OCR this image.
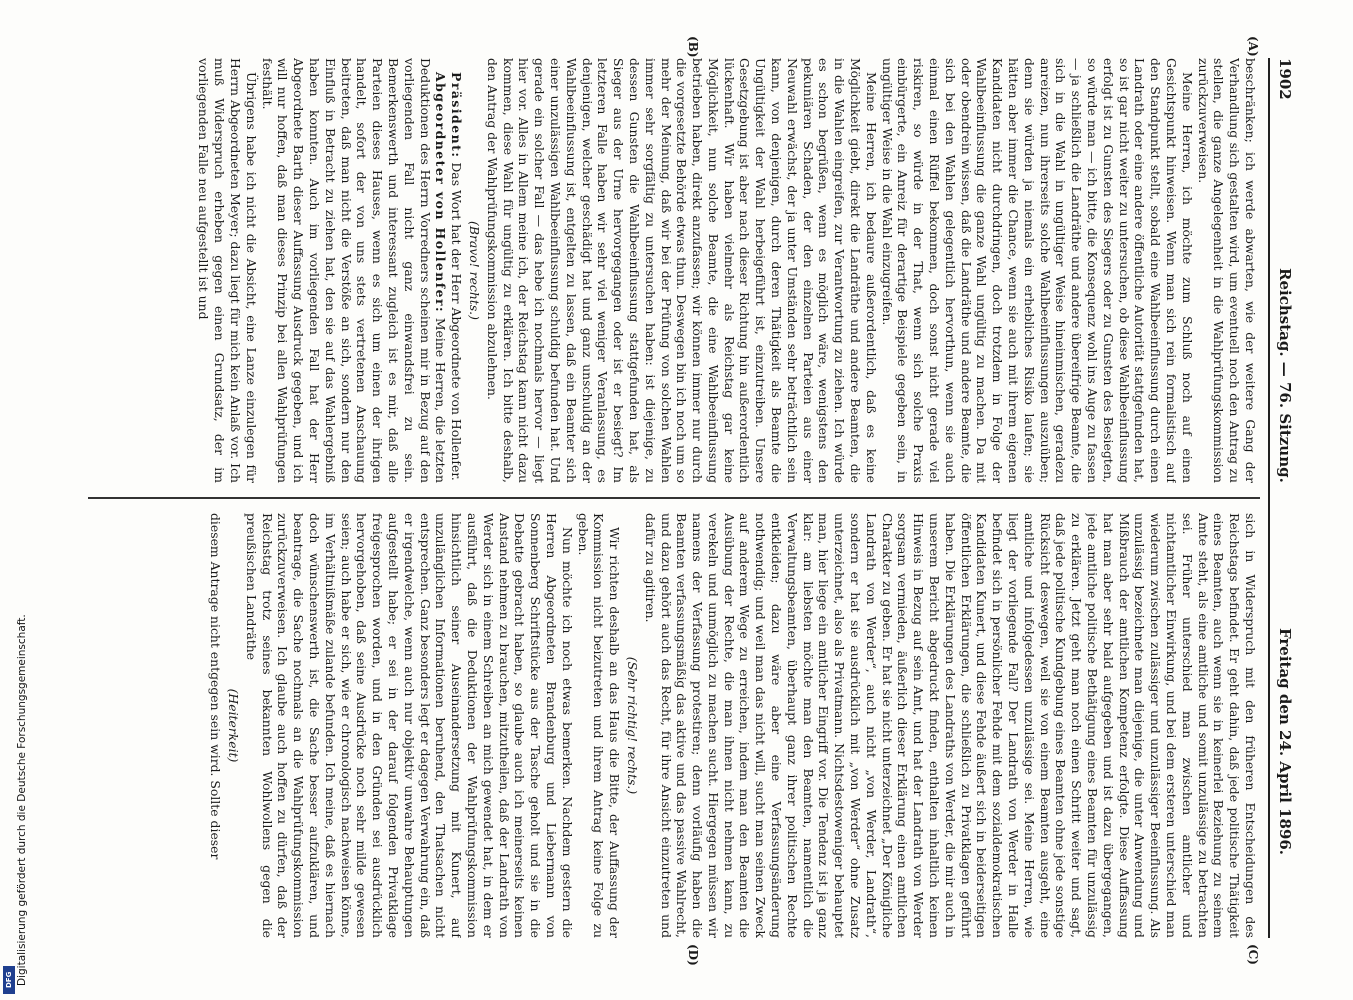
1902
Reichstag. — 76. Sitzung.
Freitag den 24. April 1896.

beschränken; ich werde abwarten, wie der weitere Gang der Verhandlung sich gestalten wird, um eventuell noch den Antrag zu stellen, die ganze Angelegenheit in die Wahlprüfungskommission zurückzuverweisen.

Meine Herren, ich möchte zum Schluß noch auf einen Gesichtspunkt hinweisen. Wenn man sich rein formalistisch auf den Standpunkt stellt, sobald eine Wahlbeeinflussung durch einen Landrath oder eine andere öffentliche Autorität stattgefunden hat, so ist gar nicht weiter zu untersuchen, ob diese Wahlbeeinflussung erfolgt ist zu Gunsten des Siegers oder zu Gunsten des Besiegten, so würde man — ich bitte, die Konsequenz wohl ins Auge zu fassen — ja schließlich die Landräthe und andere übereifrige Beamte, die sich in die Wahl in ungültiger Weise hineinmischen, geradezu anreizen, nun ihrerseits solche Wahlbeeinflussungen auszuüben; denn sie würden ja niemals ein erhebliches Risiko laufen; sie hätten aber immer die Chance, wenn sie auch mit ihrem eigenen Kandidaten nicht durchdringen, doch trotzdem in Folge der Wahlbeeinflussung die ganze Wahl ungültig zu machen. Da mit oder obendrein wissen, daß die Landräthe und andere Beamte, die sich bei den Wahlen gelegentlich hervorthun, wenn sie auch einmal einen Rüffel bekommen, doch sonst nicht gerade viel riskiren, so würde in der That, wenn sich solche Praxis einbürgerte, ein Anreiz für derartige Beispiele gegeben sein, in ungültiger Weise in die Wahl einzugreifen.

Meine Herren, ich bedaure außerordentlich, daß es keine Möglichkeit giebt, direkt die Landräthe und andere Beamten, die in die Wahlen eingreifen, zur Verantwortung zu ziehen. Ich würde es schon begrüßen, wenn es möglich wäre, wenigstens den pekuniären Schaden, der den einzelnen Parteien aus einer Neuwahl erwächst, der ja unter Umständen sehr beträchtlich sein kann, von denjenigen, durch deren Thätigkeit als Beamte die Ungültigkeit der Wahl herbeigeführt ist, einzutreiben. Unsere Gesetzgebung ist aber nach dieser Richtung hin außerordentlich lückenhaft. Wir haben vielmehr als Reichstag gar keine Möglichkeit, nun solche Beamte, die eine Wahlbeeinflussung betrieben haben, direkt anzufassen; wir können immer nur durch die vorgesetzte Behörde etwas thun. Deswegen bin ich noch um so mehr der Meinung, daß wir bei der Prüfung von solchen Wahlen immer sehr sorgfältig zu untersuchen haben: ist diejenige, zu dessen Gunsten die Wahlbeeinflussung stattgefunden hat, als Sieger aus der Urne hervorgegangen oder ist er besiegt? Im letzteren Falle haben wir sehr viel weniger Veranlassung, es denjenigen, welcher geschädigt hat und ganz unschuldig an der Wahlbeeinflussung ist, entgelten zu lassen, daß ein Beamter sich einer unzulässigen Wahlbeeinflussung schuldig befunden hat. Und gerade ein solcher Fall — das hebe ich nochmals hervor — liegt hier vor. Alles in Allem meine ich, der Reichstag kann nicht dazu kommen, diese Wahl für ungültig zu erklären. Ich bitte deshalb, den Antrag der Wahlprüfungskommission abzulehnen.

(Bravo! rechts.)

Präsident: Das Wort hat der Herr Abgeordnete von Hollenfer.

Abgeordneter von Hollenfer: Meine Herren, die letzten Deduktionen des Herrn Vorredners scheinen mir in Bezug auf den vorliegenden Fall nicht ganz einwandsfrei zu sein. Bemerkenswerth und interessant zugleich ist es mir, daß alle Parteien dieses Hauses, wenn es sich um einen der ihrigen handelt, sofort der von uns stets vertretenen Anschauung beitreten, daß man nicht die Verstöße an sich, sondern nur den Einfluß in Betracht zu ziehen hat, den sie auf das Wahlergebniß haben konnten. Auch im vorliegenden Fall hat der Herr Abgeordnete Barth dieser Auffassung Ausdruck gegeben, und ich will nur hoffen, daß man dieses Prinzip bei allen Wahlprüfungen festhält.

Übrigens habe ich nicht die Absicht, eine Lanze einzulegen für Herrn Abgeordneten Meyer; dazu liegt für mich kein Anlaß vor. Ich muß Widerspruch erheben gegen einen Grundsatz, der im vorliegenden Falle neu aufgestellt ist und

sich in Widerspruch mit den früheren Entscheidungen des Reichstags befindet. Er geht dahin, daß jede politische Thätigkeit eines Beamten, auch wenn sie in keinerlei Beziehung zu seinem Amte steht, als eine amtliche und somit unzulässige zu betrachten sei. Früher unterschied man zwischen amtlicher und nichtamtlicher Einwirkung, und bei dem ersteren unterschied man wiederum zwischen zulässiger und unzulässiger Beeinflussung. Als unzulässig bezeichnete man diejenige, die unter Anwendung und Mißbrauch der amtlichen Kompetenz erfolgte. Diese Auffassung hat man aber sehr bald aufgegeben und ist dazu übergegangen, jede amtliche politische Bethätigung eines Beamten für unzulässig zu erklären. Jetzt geht man noch einen Schritt weiter und sagt, daß jede politische Kundgebung eines Beamten ohne jede sonstige Rücksicht deswegen, weil sie von einem Beamten ausgeht, eine amtliche und infolgedessen unzulässige sei. Meine Herren, wie liegt der vorliegende Fall? Der Landrath von Werder in Halle befindet sich in persönlicher Fehde mit dem sozialdemokratischen Kandidaten Kunert, und diese Fehde äußert sich in beiderseitigen öffentlichen Erklärungen, die schließlich zu Privatklagen geführt haben. Die Erklärungen des Landraths von Werder, die mir auch in unserem Bericht abgedruckt finden, enthalten inhaltlich keinen Hinweis in Bezug auf sein Amt, und hat der Landrath von Werder sorgsam vermieden, äußerlich dieser Erklärung einen amtlichen Charakter zu geben. Er hat sie nicht unterzeichnet „Der Königliche Landrath von Werder“, auch nicht „von Werder, Landrath“, sondern er hat sie ausdrücklich mit „von Werder“ ohne Zusatz unterzeichnet, also als Privatmann. Nichtsdestoweniger behauptet man, hier liege ein amtlicher Eingriff vor. Die Tendenz ist ja ganz klar: am liebsten möchte man den Beamten, namentlich die Verwaltungsbeamten, überhaupt ganz ihrer politischen Rechte entkleiden; dazu wäre aber eine Verfassungsänderung nothwendig; und weil man das nicht will, sucht man seinen Zweck auf anderem Wege zu erreichen, indem man den Beamten die Ausübung der Rechte, die man ihnen nicht nehmen kann, zu verekeln und unmöglich zu machen sucht. Hiergegen müssen wir namens der Verfassung protestiren; denn vorläufig haben die Beamten verfassungsmäßig das aktive und das passive Wahlrecht, und dazu gehört auch das Recht, für ihre Ansicht einzutreten und dafür zu agitiren.

(Sehr richtig! rechts.)

Wir richten deshalb an das Haus die Bitte, der Auffassung der Kommission nicht beizutreten und ihrem Antrag keine Folge zu geben.

Nun möchte ich noch etwas bemerken. Nachdem gestern die Herren Abgeordneten Brandenburg und Liebermann von Sonnenberg Schriftstücke aus der Tasche geholt und sie in die Debatte gebracht haben, so glaube auch ich meinerseits keinen Anstand nehmen zu brauchen, mitzutheilen, daß der Landrath von Werder sich in einem Schreiben an mich gewendet hat, in dem er ausführt, daß die Deduktionen der Wahlprüfungskommission hinsichtlich seiner Auseinandersetzung mit Kunert, auf unzulänglichen Informationen beruhend, den Thatsachen nicht entsprechen. Ganz besonders legt er dagegen Verwahrung ein, daß er irgendwelche, wenn auch nur objektiv unwahre Behauptungen aufgestellt habe; er sei in der darauf folgenden Privatklage freigesprochen worden, und in den Gründen sei ausdrücklich hervorgehoben, daß seine Ausdrücke noch sehr milde gewesen seien; auch habe er sich, wie er chronologisch nachweisen könne, im Verhältnißmäße zulande befunden. Ich meine, daß es hiernach doch wünschenswerth ist, die Sache besser aufzuklären, und beantrage, die Sache nochmals an die Wahlprüfungskommission zurückzuverweisen. Ich glaube auch hoffen zu dürfen, daß der Reichstag trotz seines bekannten Wohlwollens gegen die preußischen Landräthe

(Heiterkeit)

diesem Antrage nicht entgegen sein wird. Sollte dieser

(A)
(B)
(C)
(D)
Digitalisierung gefördert durch die Deutsche Forschungsgemeinschaft.
DFG
